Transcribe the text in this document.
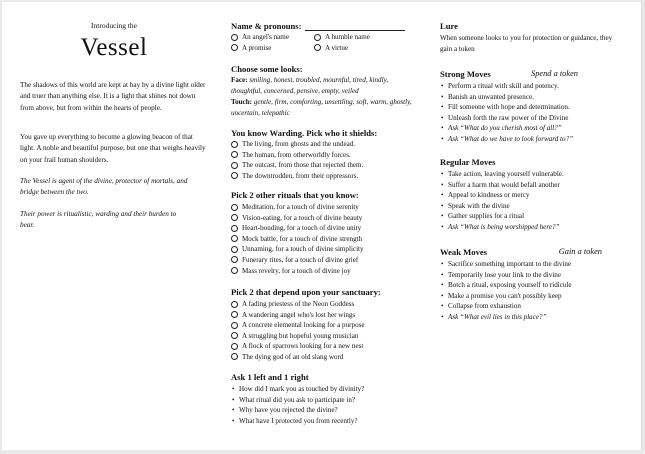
Introducing the
Vessel

The shadows of this world are kept at bay by a divine light older and truer than anything else. It is a light that shines not down from above, but from within the hearts of people.

You gave up everything to become a glowing beacon of that light. A noble and beautiful purpose, but one that weighs heavily on your frail human shoulders.

The Vessel is agent of the divine, protector of mortals, and bridge between the two.

Their power is ritualistic, warding and their burden to bear.

Name & pronouns:
An angel's name	A humble name
A promise	A virtue
Choose some looks:

Face: smiling, honest, troubled, mournful, tired, kindly, thoughtful, concerned, pensive, empty, veiled

Touch: gentle, firm, comforting, unsettling, soft, warm, ghostly, uncertain, telepathic

You know Warding. Pick who it shields:
The living, from ghosts and the undead.
The human, from otherworldly forces.
The outcast, from those that rejected them.
The downtrodden, from their oppressors.
Pick 2 other rituals that you know:
Meditation, for a touch of divine serenity
Vision-eating, for a touch of divine beauty
Heart-bonding, for a touch of divine unity
Mock battle, for a touch of divine strength
Unnaming, for a touch of divine simplicity
Funerary rites, for a touch of divine grief
Mass revelry, for a touch of divine joy
Pick 2 that depend upon your sanctuary:
A fading priestess of the Neon Goddess
A wandering angel who's lost her wings
A concrete elemental looking for a purpose
A struggling but hopeful young musician
A flock of sparrows looking for a new nest
The dying god of an old slang word
Ask 1 left and 1 right
• How did I mark you as touched by divinity?
• What ritual did you ask to participate in?
• Why have you rejected the divine?
• What have I protected you from recently?
Lure

When someone looks to you for protection or guidance, they gain a token

Strong Moves	Spend a token
• Perform a ritual with skill and potency.
• Banish an unwanted presence.
• Fill someone with hope and determination.
• Unleash forth the raw power of the Divine
• Ask “What do you cherish most of all?”
• Ask “What do we have to look forward to?”
Regular Moves
• Take action, leaving yourself vulnerable.
• Suffer a harm that would befall another
• Appeal to kindness or mercy
• Speak with the divine
• Gather supplies for a ritual
• Ask “What is being worshipped here?”
Weak Moves	Gain a token
• Sacrifice something important to the divine
• Temporarily lose your link to the divine
• Botch a ritual, exposing yourself to ridicule
• Make a promise you can't possibly keep
• Collapse from exhaustion
• Ask “What evil lies in this place?”
